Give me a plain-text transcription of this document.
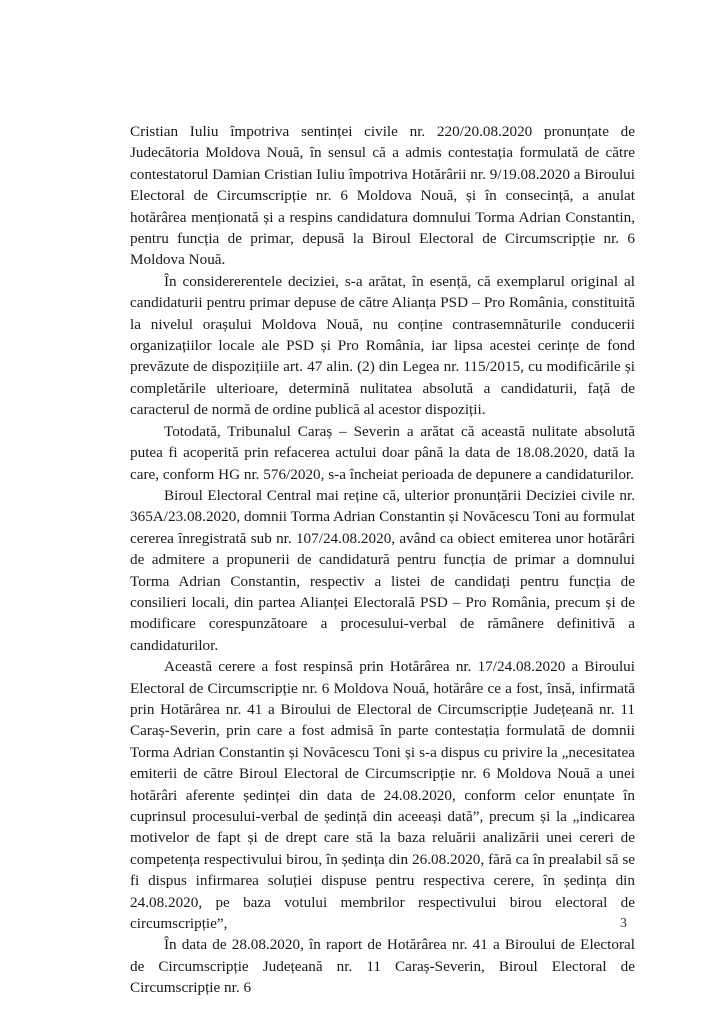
Cristian Iuliu împotriva sentinței civile nr. 220/20.08.2020 pronunțate de Judecătoria Moldova Nouă, în sensul că a admis contestația formulată de către contestatorul Damian Cristian Iuliu împotriva Hotărârii nr. 9/19.08.2020 a Biroului Electoral de Circumscripție nr. 6 Moldova Nouă, și în consecință, a anulat hotărârea menționată și a respins candidatura domnului Torma Adrian Constantin, pentru funcția de primar, depusă la Biroul Electoral de Circumscripție nr. 6 Moldova Nouă.

În considererentele deciziei, s-a arătat, în esență, că exemplarul original al candidaturii pentru primar depuse de către Alianța PSD – Pro România, constituită la nivelul orașului Moldova Nouă, nu conține contrasemnăturile conducerii organizațiilor locale ale PSD și Pro România, iar lipsa acestei cerințe de fond prevăzute de dispozițiile art. 47 alin. (2) din Legea nr. 115/2015, cu modificările și completările ulterioare, determină nulitatea absolută a candidaturii, față de caracterul de normă de ordine publică al acestor dispoziții.

Totodată, Tribunalul Caraș – Severin a arătat că această nulitate absolută putea fi acoperită prin refacerea actului doar până la data de 18.08.2020, dată la care, conform HG nr. 576/2020, s-a încheiat perioada de depunere a candidaturilor.

Biroul Electoral Central mai reține că, ulterior pronunțării Deciziei civile nr. 365A/23.08.2020, domnii Torma Adrian Constantin și Novăcescu Toni au formulat cererea înregistrată sub nr. 107/24.08.2020, având ca obiect emiterea unor hotărâri de admitere a propunerii de candidatură pentru funcția de primar a domnului Torma Adrian Constantin, respectiv a listei de candidați pentru funcția de consilieri locali, din partea Alianței Electorală PSD – Pro România, precum și de modificare corespunzătoare a procesului-verbal de rămânere definitivă a candidaturilor.

Această cerere a fost respinsă prin Hotărârea nr. 17/24.08.2020 a Biroului Electoral de Circumscripție nr. 6 Moldova Nouă, hotărâre ce a fost, însă, infirmată prin Hotărârea nr. 41 a Biroului de Electoral de Circumscripție Județeană nr. 11 Caraș-Severin, prin care a fost admisă în parte contestația formulată de domnii Torma Adrian Constantin și Novăcescu Toni și s-a dispus cu privire la „necesitatea emiterii de către Biroul Electoral de Circumscripție nr. 6 Moldova Nouă a unei hotărâri aferente ședinței din data de 24.08.2020, conform celor enunțate în cuprinsul procesului-verbal de ședință din aceeași dată”, precum și la „indicarea motivelor de fapt și de drept care stă la baza reluării analizării unei cereri de competența respectivului birou, în ședința din 26.08.2020, fără ca în prealabil să se fi dispus infirmarea soluției dispuse pentru respectiva cerere, în ședința din 24.08.2020, pe baza votului membrilor respectivului birou electoral de circumscripție”,

În data de 28.08.2020, în raport de Hotărârea nr. 41 a Biroului de Electoral de Circumscripție Județeană nr. 11 Caraș-Severin, Biroul Electoral de Circumscripție nr. 6

3
